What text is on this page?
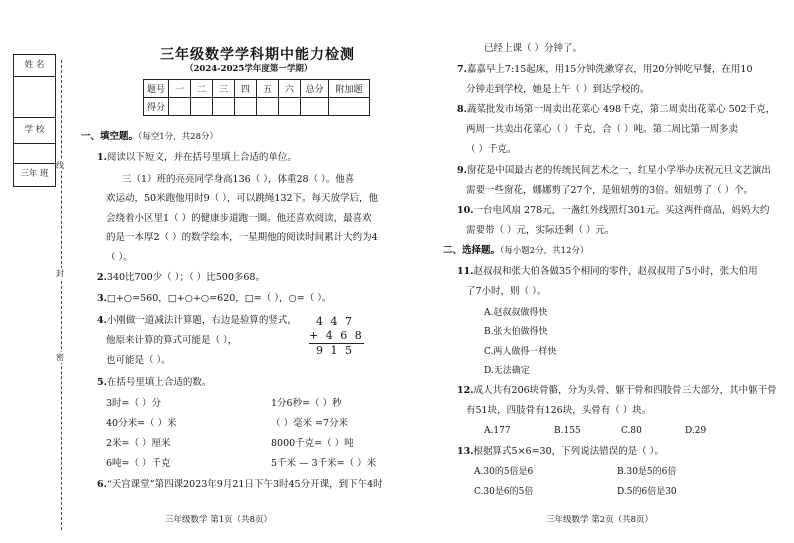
姓 名
学 校
三年 班
线
封
密
三年级数学学科期中能力检测
（2024-2025学年度第一学期）
题号	一	二	三	四	五	六	总分	附加题
得分								
一、填空题。（每空1分，共28分）
1.阅读以下短文，并在括号里填上合适的单位。
三（1）班的亮亮同学身高136（ ），体重28（ ）。他喜
欢运动，50米跑他用时9（ ），可以跳绳132下。每天放学后，他
会绕着小区里1（ ）的健康步道跑一圈。他还喜欢阅读，最喜欢
的是一本厚2（ ）的数学绘本，一星期他的阅读时间累计大约为4
（ ）。
2.340比700少（ ）；（ ）比500多68。
3.□+○=560，□+○+○=620，□=（ ），○=（ ）。
4.小刚做一道减法计算题，右边是验算的竖式，
他原来计算的算式可能是（ ），
也可能是（ ）。
4 4 7
+ 4 6 8
9 1 5
5.在括号里填上合适的数。
3时=（ ）分
40分米=（ ）米
2米=（ ）厘米
6吨=（ ）千克
1分6秒=（ ）秒
（ ）毫米 =7分米
8000千克=（ ）吨
5千米 — 3千米=（ ）米
6.“天宫课堂”第四课2023年9月21日下午3时45分开课，到下午4时
已经上课（ ）分钟了。
7.嘉嘉早上7:15起床，用15分钟洗漱穿衣，用20分钟吃早餐，在用10
分钟走到学校，她是上午（ ）到达学校的。
8.蔬菜批发市场第一周卖出花菜心 498千克，第二周卖出花菜心 502千克，
两周一共卖出花菜心（ ）千克，合（ ）吨。第二周比第一周多卖
（ ）千克。
9.窗花是中国最古老的传统民间艺术之一，红星小学举办庆祝元旦文艺演出
需要一些窗花，娜娜剪了27个，是妞妞剪的3倍。妞妞剪了（ ）个。
10.一台电风扇 278元，一盏红外线照灯301元。买这两件商品，妈妈大约
需要带（ ）元，实际还剩（ ）元。
二、选择题。（每小题2分，共12分）
11.赵叔叔和张大伯各做35个相同的零件，赵叔叔用了5小时，张大伯用
了7小时，则（ ）。
A.赵叔叔做得快
B.张大伯做得快
C.两人做得一样快
D.无法确定
12.成人共有206块骨骼，分为头骨、躯干骨和四肢骨三大部分，其中躯干骨
有51块，四肢骨有126块，头骨有（ ）块。
A.177	B.155	C.80	D.29
13.根据算式5×6=30，下列说法错误的是（ ）。
A.30的5倍是6	B.30是5的6倍
C.30是6的5倍	D.5的6倍是30
三年级数学 第1页（共8页）	三年级数学 第2页（共8页）
